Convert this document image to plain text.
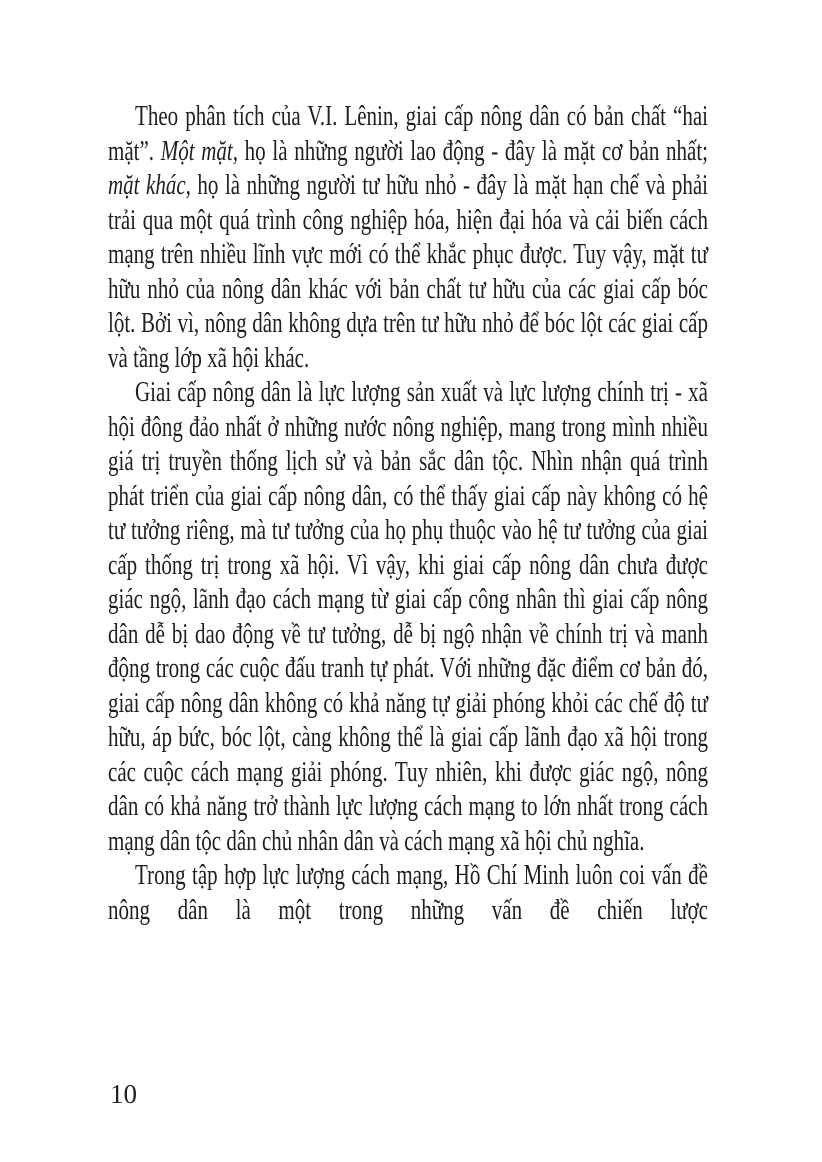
Theo phân tích của V.I. Lênin, giai cấp nông dân có bản chất “hai mặt”. Một mặt, họ là những người lao động - đây là mặt cơ bản nhất; mặt khác, họ là những người tư hữu nhỏ - đây là mặt hạn chế và phải trải qua một quá trình công nghiệp hóa, hiện đại hóa và cải biến cách mạng trên nhiều lĩnh vực mới có thể khắc phục được. Tuy vậy, mặt tư hữu nhỏ của nông dân khác với bản chất tư hữu của các giai cấp bóc lột. Bởi vì, nông dân không dựa trên tư hữu nhỏ để bóc lột các giai cấp và tầng lớp xã hội khác.

Giai cấp nông dân là lực lượng sản xuất và lực lượng chính trị - xã hội đông đảo nhất ở những nước nông nghiệp, mang trong mình nhiều giá trị truyền thống lịch sử và bản sắc dân tộc. Nhìn nhận quá trình phát triển của giai cấp nông dân, có thể thấy giai cấp này không có hệ tư tưởng riêng, mà tư tưởng của họ phụ thuộc vào hệ tư tưởng của giai cấp thống trị trong xã hội. Vì vậy, khi giai cấp nông dân chưa được giác ngộ, lãnh đạo cách mạng từ giai cấp công nhân thì giai cấp nông dân dễ bị dao động về tư tưởng, dễ bị ngộ nhận về chính trị và manh động trong các cuộc đấu tranh tự phát. Với những đặc điểm cơ bản đó, giai cấp nông dân không có khả năng tự giải phóng khỏi các chế độ tư hữu, áp bức, bóc lột, càng không thể là giai cấp lãnh đạo xã hội trong các cuộc cách mạng giải phóng. Tuy nhiên, khi được giác ngộ, nông dân có khả năng trở thành lực lượng cách mạng to lớn nhất trong cách mạng dân tộc dân chủ nhân dân và cách mạng xã hội chủ nghĩa.

Trong tập hợp lực lượng cách mạng, Hồ Chí Minh luôn coi vấn đề nông dân là một trong những vấn đề chiến lược

10
